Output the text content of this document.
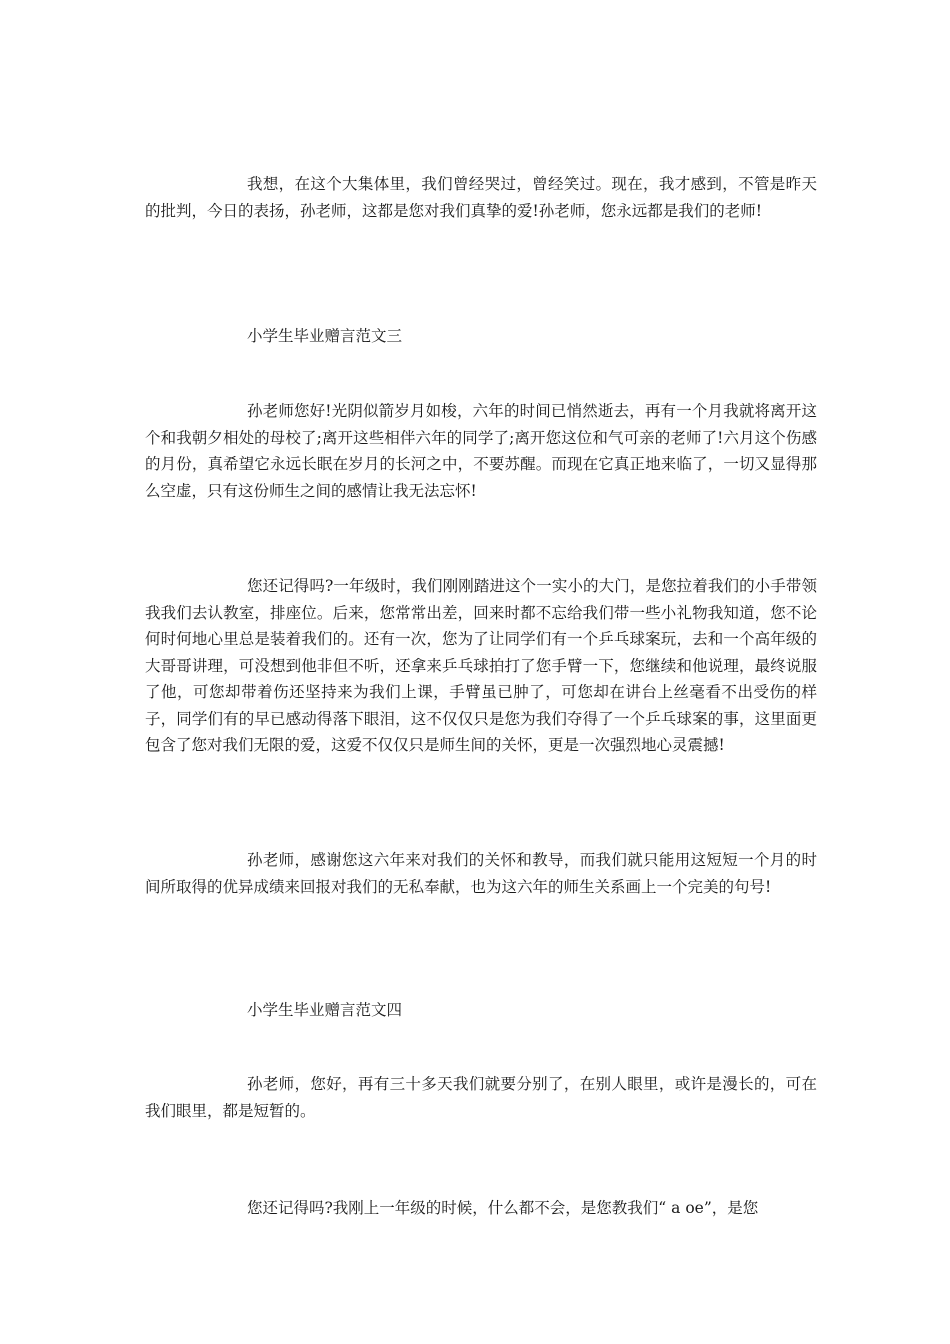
我想，在这个大集体里，我们曾经哭过，曾经笑过。现在，我才感到，不管是昨天的批判，今日的表扬，孙老师，这都是您对我们真挚的爱!孙老师，您永远都是我们的老师!

小学生毕业赠言范文三

孙老师您好!光阴似箭岁月如梭，六年的时间已悄然逝去，再有一个月我就将离开这个和我朝夕相处的母校了;离开这些相伴六年的同学了;离开您这位和气可亲的老师了!六月这个伤感的月份，真希望它永远长眠在岁月的长河之中，不要苏醒。而现在它真正地来临了，一切又显得那么空虚，只有这份师生之间的感情让我无法忘怀!

您还记得吗?一年级时，我们刚刚踏进这个一实小的大门，是您拉着我们的小手带领我我们去认教室，排座位。后来，您常常出差，回来时都不忘给我们带一些小礼物我知道，您不论何时何地心里总是装着我们的。还有一次，您为了让同学们有一个乒乓球案玩，去和一个高年级的大哥哥讲理，可没想到他非但不听，还拿来乒乓球拍打了您手臂一下，您继续和他说理，最终说服了他，可您却带着伤还坚持来为我们上课，手臂虽已肿了，可您却在讲台上丝毫看不出受伤的样子，同学们有的早已感动得落下眼泪，这不仅仅只是您为我们夺得了一个乒乓球案的事，这里面更包含了您对我们无限的爱，这爱不仅仅只是师生间的关怀，更是一次强烈地心灵震撼!

孙老师，感谢您这六年来对我们的关怀和教导，而我们就只能用这短短一个月的时间所取得的优异成绩来回报对我们的无私奉献，也为这六年的师生关系画上一个完美的句号!

小学生毕业赠言范文四

孙老师，您好，再有三十多天我们就要分别了，在别人眼里，或许是漫长的，可在我们眼里，都是短暂的。

您还记得吗?我刚上一年级的时候，什么都不会，是您教我们“ a oe”，是您
